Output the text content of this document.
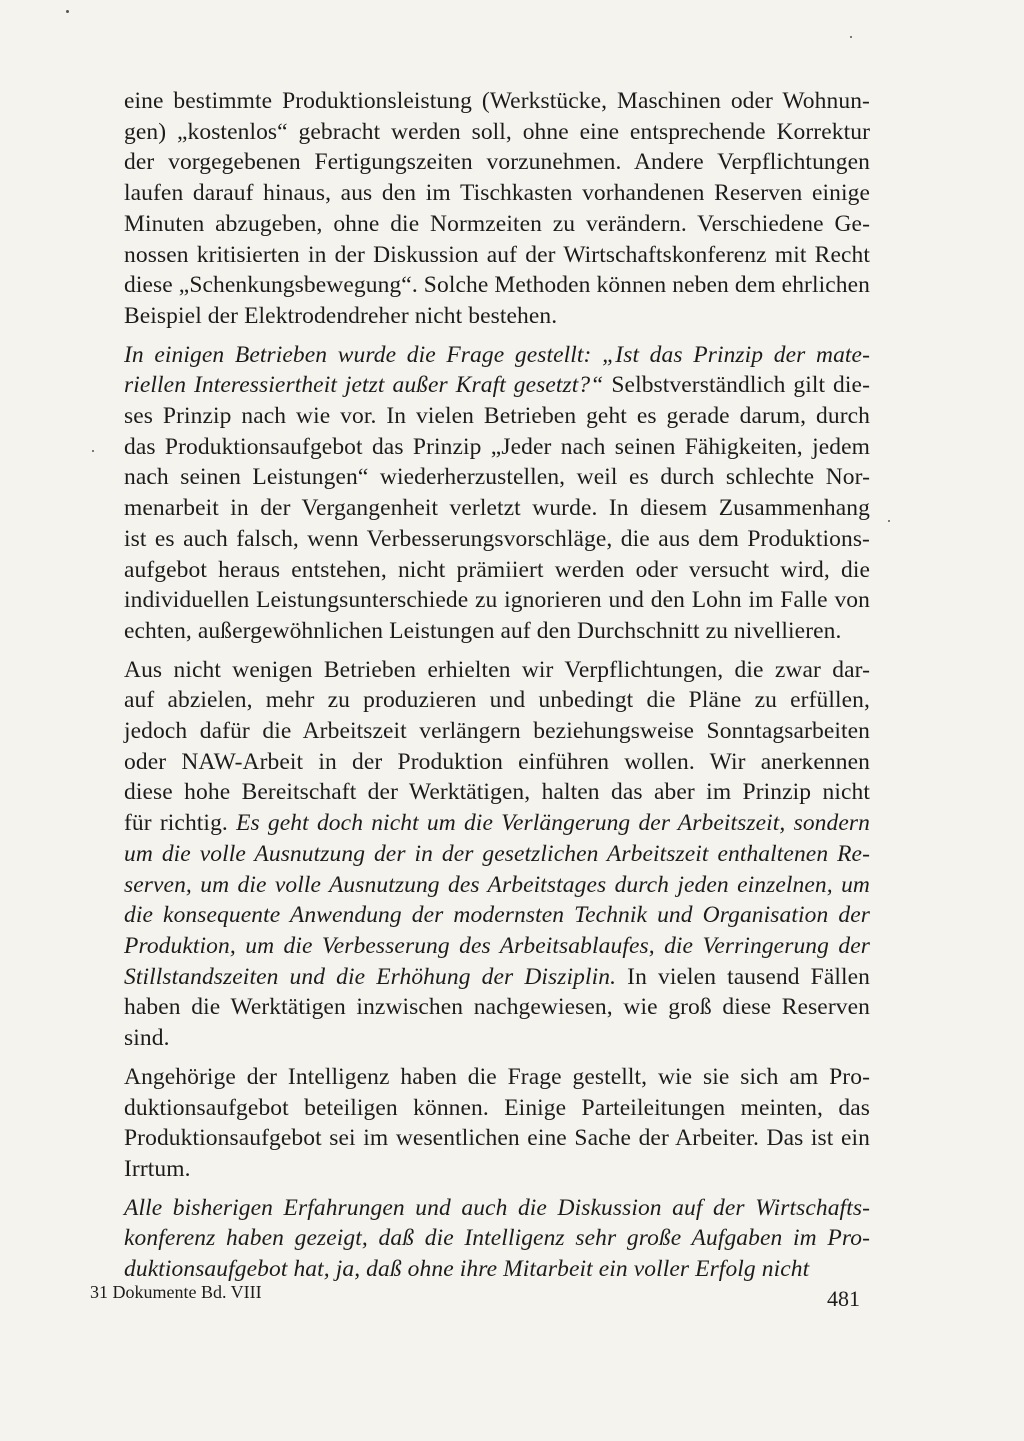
eine bestimmte Produktionsleistung (Werkstücke, Maschinen oder Wohnun-
gen) „kostenlos“ gebracht werden soll, ohne eine entsprechende Korrektur
der vorgegebenen Fertigungszeiten vorzunehmen. Andere Verpflichtungen
laufen darauf hinaus, aus den im Tischkasten vorhandenen Reserven einige
Minuten abzugeben, ohne die Normzeiten zu verändern. Verschiedene Ge-
nossen kritisierten in der Diskussion auf der Wirtschaftskonferenz mit Recht
diese „Schenkungsbewegung“. Solche Methoden können neben dem ehrlichen
Beispiel der Elektrodendreher nicht bestehen.
In einigen Betrieben wurde die Frage gestellt: „Ist das Prinzip der mate-
riellen Interessiertheit jetzt außer Kraft gesetzt?“ Selbstverständlich gilt die-
ses Prinzip nach wie vor. In vielen Betrieben geht es gerade darum, durch
das Produktionsaufgebot das Prinzip „Jeder nach seinen Fähigkeiten, jedem
nach seinen Leistungen“ wiederherzustellen, weil es durch schlechte Nor-
menarbeit in der Vergangenheit verletzt wurde. In diesem Zusammenhang
ist es auch falsch, wenn Verbesserungsvorschläge, die aus dem Produktions-
aufgebot heraus entstehen, nicht prämiiert werden oder versucht wird, die
individuellen Leistungsunterschiede zu ignorieren und den Lohn im Falle von
echten, außergewöhnlichen Leistungen auf den Durchschnitt zu nivellieren.
Aus nicht wenigen Betrieben erhielten wir Verpflichtungen, die zwar dar-
auf abzielen, mehr zu produzieren und unbedingt die Pläne zu erfüllen,
jedoch dafür die Arbeitszeit verlängern beziehungsweise Sonntagsarbeiten
oder NAW-Arbeit in der Produktion einführen wollen. Wir anerkennen
diese hohe Bereitschaft der Werktätigen, halten das aber im Prinzip nicht
für richtig. Es geht doch nicht um die Verlängerung der Arbeitszeit, sondern
um die volle Ausnutzung der in der gesetzlichen Arbeitszeit enthaltenen Re-
serven, um die volle Ausnutzung des Arbeitstages durch jeden einzelnen, um
die konsequente Anwendung der modernsten Technik und Organisation der
Produktion, um die Verbesserung des Arbeitsablaufes, die Verringerung der
Stillstandszeiten und die Erhöhung der Disziplin. In vielen tausend Fällen
haben die Werktätigen inzwischen nachgewiesen, wie groß diese Reserven
sind.
Angehörige der Intelligenz haben die Frage gestellt, wie sie sich am Pro-
duktionsaufgebot beteiligen können. Einige Parteileitungen meinten, das
Produktionsaufgebot sei im wesentlichen eine Sache der Arbeiter. Das ist ein
Irrtum.
Alle bisherigen Erfahrungen und auch die Diskussion auf der Wirtschafts-
konferenz haben gezeigt, daß die Intelligenz sehr große Aufgaben im Pro-
duktionsaufgebot hat, ja, daß ohne ihre Mitarbeit ein voller Erfolg nicht
31 Dokumente Bd. VIII	481
